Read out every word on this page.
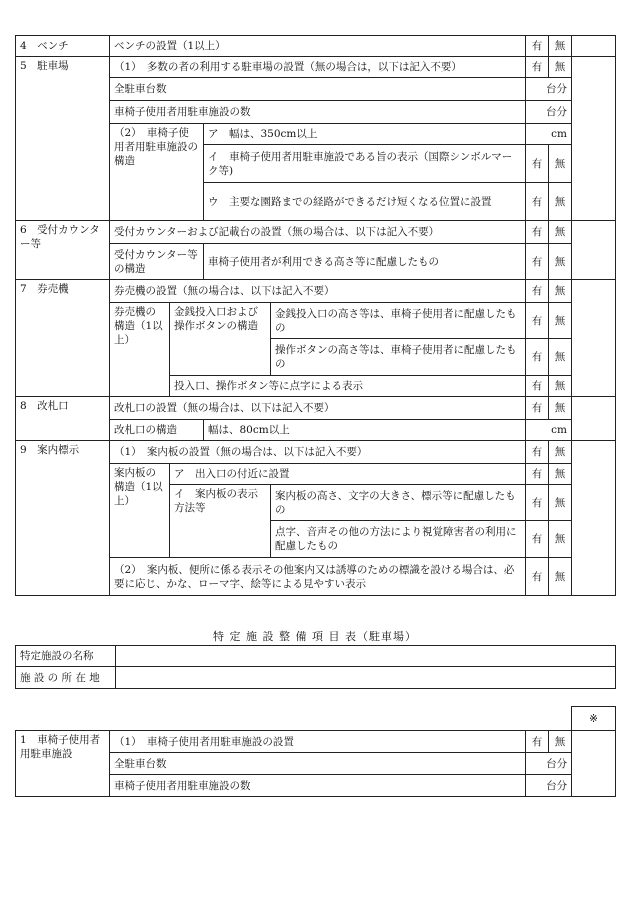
4　ベンチ	ベンチの設置（1以上）				有	無	
5　駐車場	（1）　多数の者の利用する駐車場の設置（無の場合は，以下は記入不要）				有	無	
	全駐車台数				台分		
	車椅子使用者用駐車施設の数				台分		
	（2）　車椅子使用者用駐車施設の構造		ア　幅は、350cm以上		cm		
			イ　車椅子使用者用駐車施設である旨の表示（国際シンボルマーク等)		有	無	
			ウ　主要な園路までの経路ができるだけ短くなる位置に設置		有	無	
6　受付カウンター等	受付カウンターおよび記載台の設置（無の場合は、以下は記入不要）				有	無	
	受付カウンター等の構造		車椅子使用者が利用できる高さ等に配慮したもの		有	無	
7　券売機	券売機の設置（無の場合は、以下は記入不要）				有	無	
	券売機の構造（1以上）	金銭投入口および操作ボタンの構造		金銭投入口の高さ等は、車椅子使用者に配慮したもの	有	無	
				操作ボタンの高さ等は、車椅子使用者に配慮したもの	有	無	
		投入口、操作ボタン等に点字による表示			有	無	
8　改札口	改札口の設置（無の場合は、以下は記入不要）				有	無	
	改札口の構造		幅は、80cm以上		cm		
9　案内標示	（1）　案内板の設置（無の場合は、以下は記入不要）				有	無	
	案内板の構造（1以上）	ア　出入口の付近に設置			有	無	
		イ　案内板の表示方法等		案内板の高さ、文字の大きさ、標示等に配慮したもの	有	無	
				点字、音声その他の方法により視覚障害者の利用に配慮したもの	有	無	
	（2）　案内板、便所に係る表示その他案内又は誘導のための標識を設ける場合は、必要に応じ、かな、ローマ字、絵等による見やすい表示				有	無	
特 定 施 設 整 備 項 目 表（駐車場）
特定施設の名称	
施 設 の 所 在 地	
				※
1　車椅子使用者用駐車施設	（1）　車椅子使用者用駐車施設の設置	有	無	
	全駐車台数	台分		
	車椅子使用者用駐車施設の数	台分		
